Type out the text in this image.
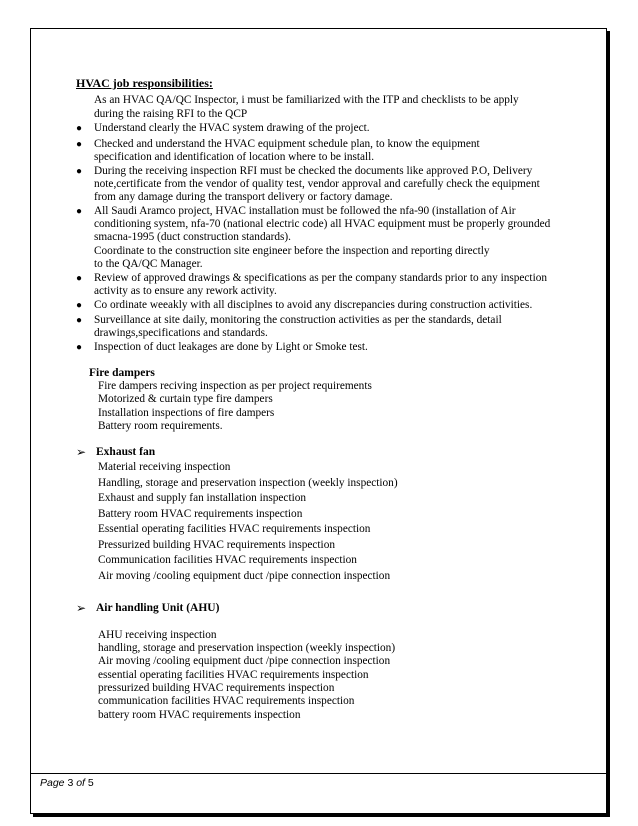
HVAC job responsibilities:
As an HVAC QA/QC Inspector, i must be familiarized with the ITP and checklists to be apply
during the raising RFI to the QCP
● Understand clearly the HVAC system drawing of the project.
● Checked and understand the HVAC equipment schedule plan, to know the equipment
specification and identification of location where to be install.
● During the receiving inspection RFI must be checked the documents like approved P.O, Delivery
note,certificate from the vendor of quality test, vendor approval and carefully check the equipment
from any damage during the transport delivery or factory damage.
● All Saudi Aramco project, HVAC installation must be followed the nfa-90 (installation of Air
conditioning system, nfa-70 (national electric code) all HVAC equipment must be properly grounded
smacna-1995 (duct construction standards).
Coordinate to the construction site engineer before the inspection and reporting directly
to the QA/QC Manager.
● Review of approved drawings & specifications as per the company standards prior to any inspection
activity as to ensure any rework activity.
● Co ordinate weeakly with all disciplnes to avoid any discrepancies during construction activities.
● Surveillance at site daily, monitoring the construction activities as per the standards, detail
drawings,specifications and standards.
● Inspection of duct leakages are done by Light or Smoke test.
Fire dampers
Fire dampers reciving inspection as per project requirements
Motorized & curtain type fire dampers
Installation inspections of fire dampers
Battery room requirements.
➢ Exhaust fan
Material receiving inspection
Handling, storage and preservation inspection (weekly inspection)
Exhaust and supply fan installation inspection
Battery room HVAC requirements inspection
Essential operating facilities HVAC requirements inspection
Pressurized building HVAC requirements inspection
Communication facilities HVAC requirements inspection
Air moving /cooling equipment duct /pipe connection inspection
➢ Air handling Unit (AHU)
AHU receiving inspection
handling, storage and preservation inspection (weekly inspection)
Air moving /cooling equipment duct /pipe connection inspection
essential operating facilities HVAC requirements inspection
pressurized building HVAC requirements inspection
communication facilities HVAC requirements inspection
battery room HVAC requirements inspection
Page 3 of 5
